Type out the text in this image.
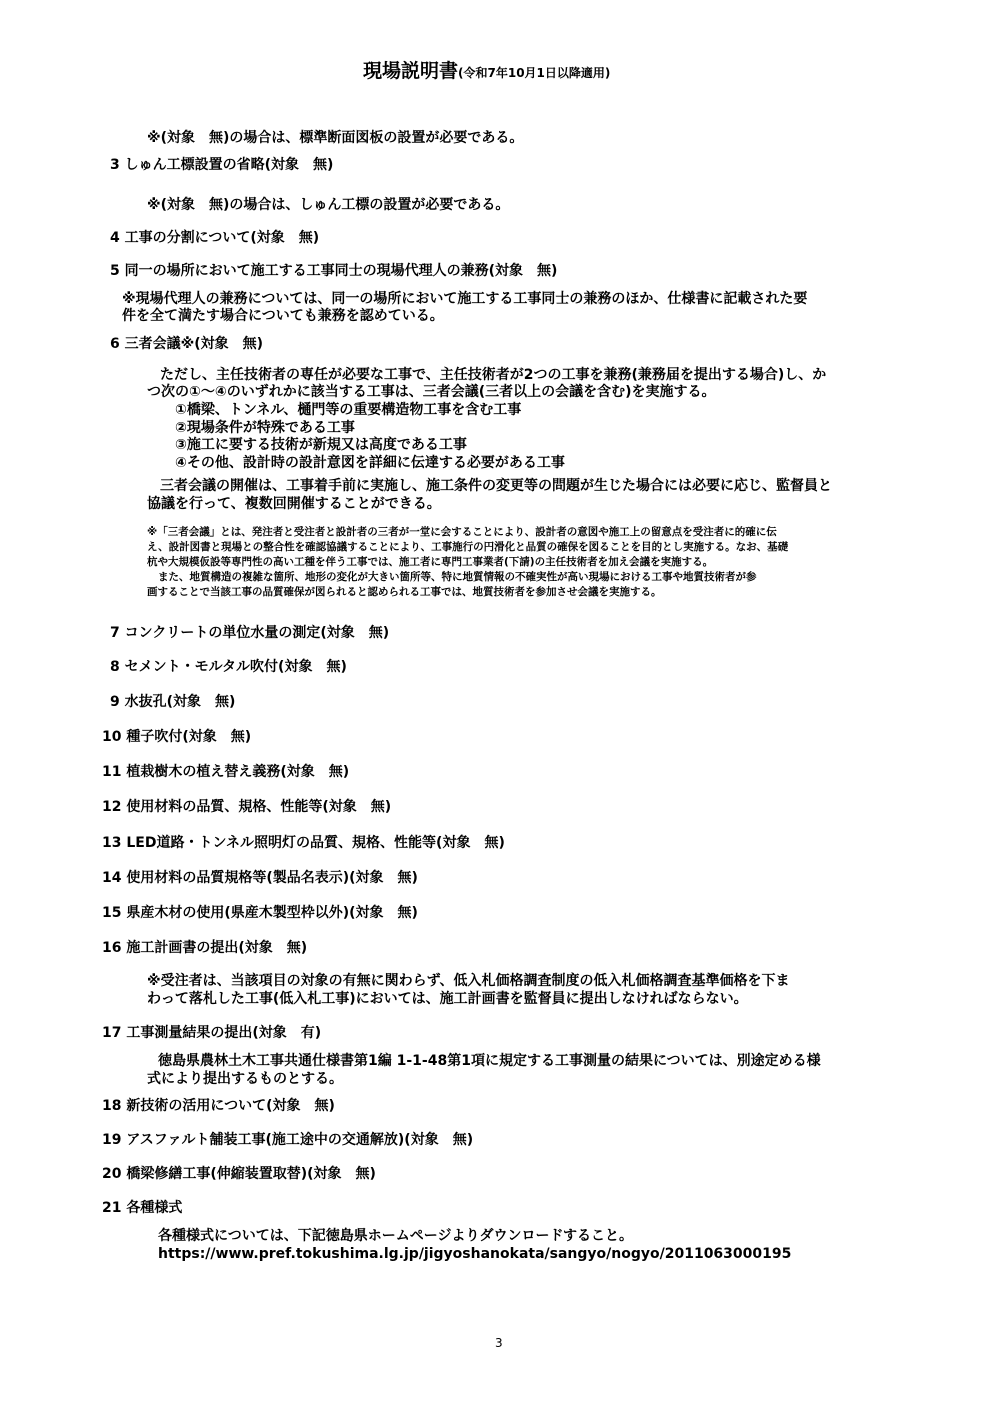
現場説明書(令和7年10月1日以降適用)
※(対象　無)の場合は、標準断面図板の設置が必要である。
3 しゅん工標設置の省略(対象　無)
※(対象　無)の場合は、しゅん工標の設置が必要である。
4 工事の分割について(対象　無)
5 同一の場所において施工する工事同士の現場代理人の兼務(対象　無)
※現場代理人の兼務については、同一の場所において施工する工事同士の兼務のほか、仕様書に記載された要
件を全て満たす場合についても兼務を認めている。
6 三者会議※(対象　無)
ただし、主任技術者の専任が必要な工事で、主任技術者が2つの工事を兼務(兼務届を提出する場合)し、か
つ次の①～④のいずれかに該当する工事は、三者会議(三者以上の会議を含む)を実施する。
①橋梁、トンネル、樋門等の重要構造物工事を含む工事
②現場条件が特殊である工事
③施工に要する技術が新規又は高度である工事
④その他、設計時の設計意図を詳細に伝達する必要がある工事
三者会議の開催は、工事着手前に実施し、施工条件の変更等の問題が生じた場合には必要に応じ、監督員と
協議を行って、複数回開催することができる。
※「三者会議」とは、発注者と受注者と設計者の三者が一堂に会することにより、設計者の意図や施工上の留意点を受注者に的確に伝
え、設計図書と現場との整合性を確認協議することにより、工事施行の円滑化と品質の確保を図ることを目的とし実施する。なお、基礎
杭や大規模仮設等専門性の高い工種を伴う工事では、施工者に専門工事業者(下請)の主任技術者を加え会議を実施する。
また、地質構造の複雑な箇所、地形の変化が大きい箇所等、特に地質情報の不確実性が高い現場における工事や地質技術者が参
画することで当該工事の品質確保が図られると認められる工事では、地質技術者を参加させ会議を実施する。
7 コンクリートの単位水量の測定(対象　無)
8 セメント・モルタル吹付(対象　無)
9 水抜孔(対象　無)
10 種子吹付(対象　無)
11 植栽樹木の植え替え義務(対象　無)
12 使用材料の品質、規格、性能等(対象　無)
13 LED道路・トンネル照明灯の品質、規格、性能等(対象　無)
14 使用材料の品質規格等(製品名表示)(対象　無)
15 県産木材の使用(県産木製型枠以外)(対象　無)
16 施工計画書の提出(対象　無)
※受注者は、当該項目の対象の有無に関わらず、低入札価格調査制度の低入札価格調査基準価格を下ま
わって落札した工事(低入札工事)においては、施工計画書を監督員に提出しなければならない。
17 工事測量結果の提出(対象　有)
徳島県農林土木工事共通仕様書第1編 1-1-48第1項に規定する工事測量の結果については、別途定める様
式により提出するものとする。
18 新技術の活用について(対象　無)
19 アスファルト舗装工事(施工途中の交通解放)(対象　無)
20 橋梁修繕工事(伸縮装置取替)(対象　無)
21 各種様式
各種様式については、下記徳島県ホームページよりダウンロードすること。
https://www.pref.tokushima.lg.jp/jigyoshanokata/sangyo/nogyo/2011063000195
3
